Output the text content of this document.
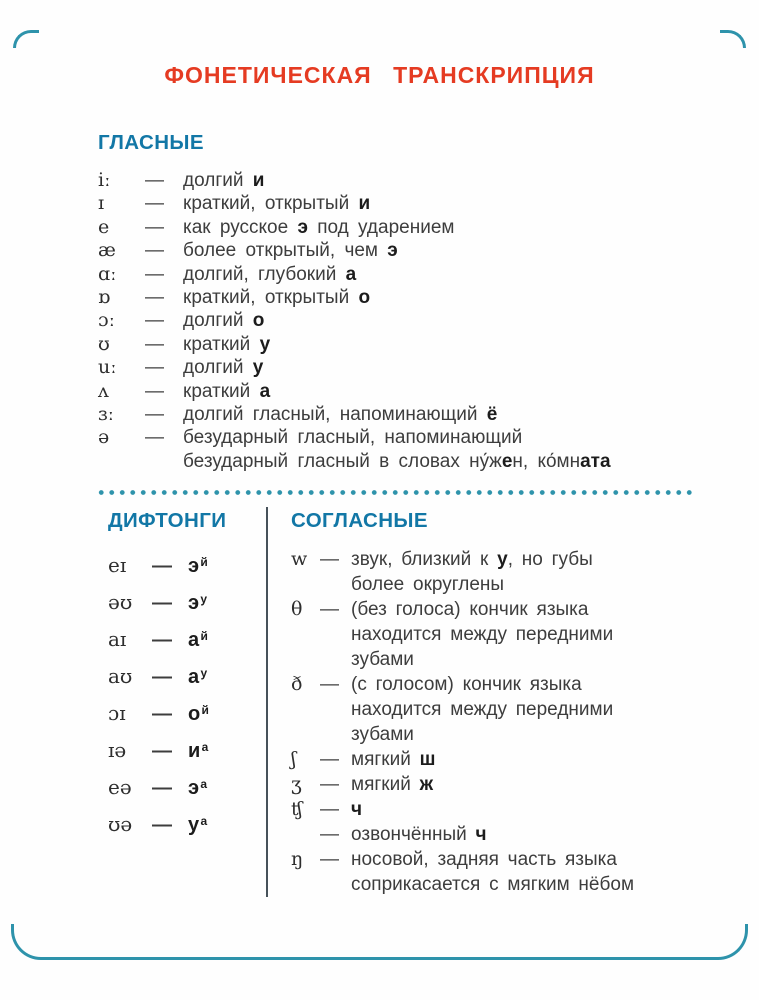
ФОНЕТИЧЕСКАЯ ТРАНСКРИПЦИЯ
ГЛАСНЫЕ
iː	—	долгий и
ɪ	—	краткий, открытый и
e	—	как русское э под ударением
æ	—	более открытый, чем э
ɑː	—	долгий, глубокий а
ɒ	—	краткий, открытый о
ɔː	—	долгий о
ʊ	—	краткий у
uː	—	долгий у
ʌ	—	краткий а
ɜː	—	долгий гласный, напоминающий ё
ə	—	безударный гласный, напоминающий
безударный гласный в словах ну́жен, ко́мната
ДИФТОНГИ
eɪ	— $э^й$
əʊ — $э^у$
aɪ	— $а^й$
aʊ — $а^у$
ɔɪ	— $о^й$
ɪə	— $и^а$
eə	— $э^а$
ʊə — $у^а$
СОГЛАСНЫЕ
w — звук, близкий к у, но губы
более округлены
θ — (без голоса) кончик языка
находится между передними
зубами
ð — (с голосом) кончик языка
находится между передними
зубами
ʃ	— мягкий ш
ʒ — мягкий ж
ʧ — ч
— озвончённый ч
ŋ — носовой, задняя часть языка
соприкасается с мягким нёбом
